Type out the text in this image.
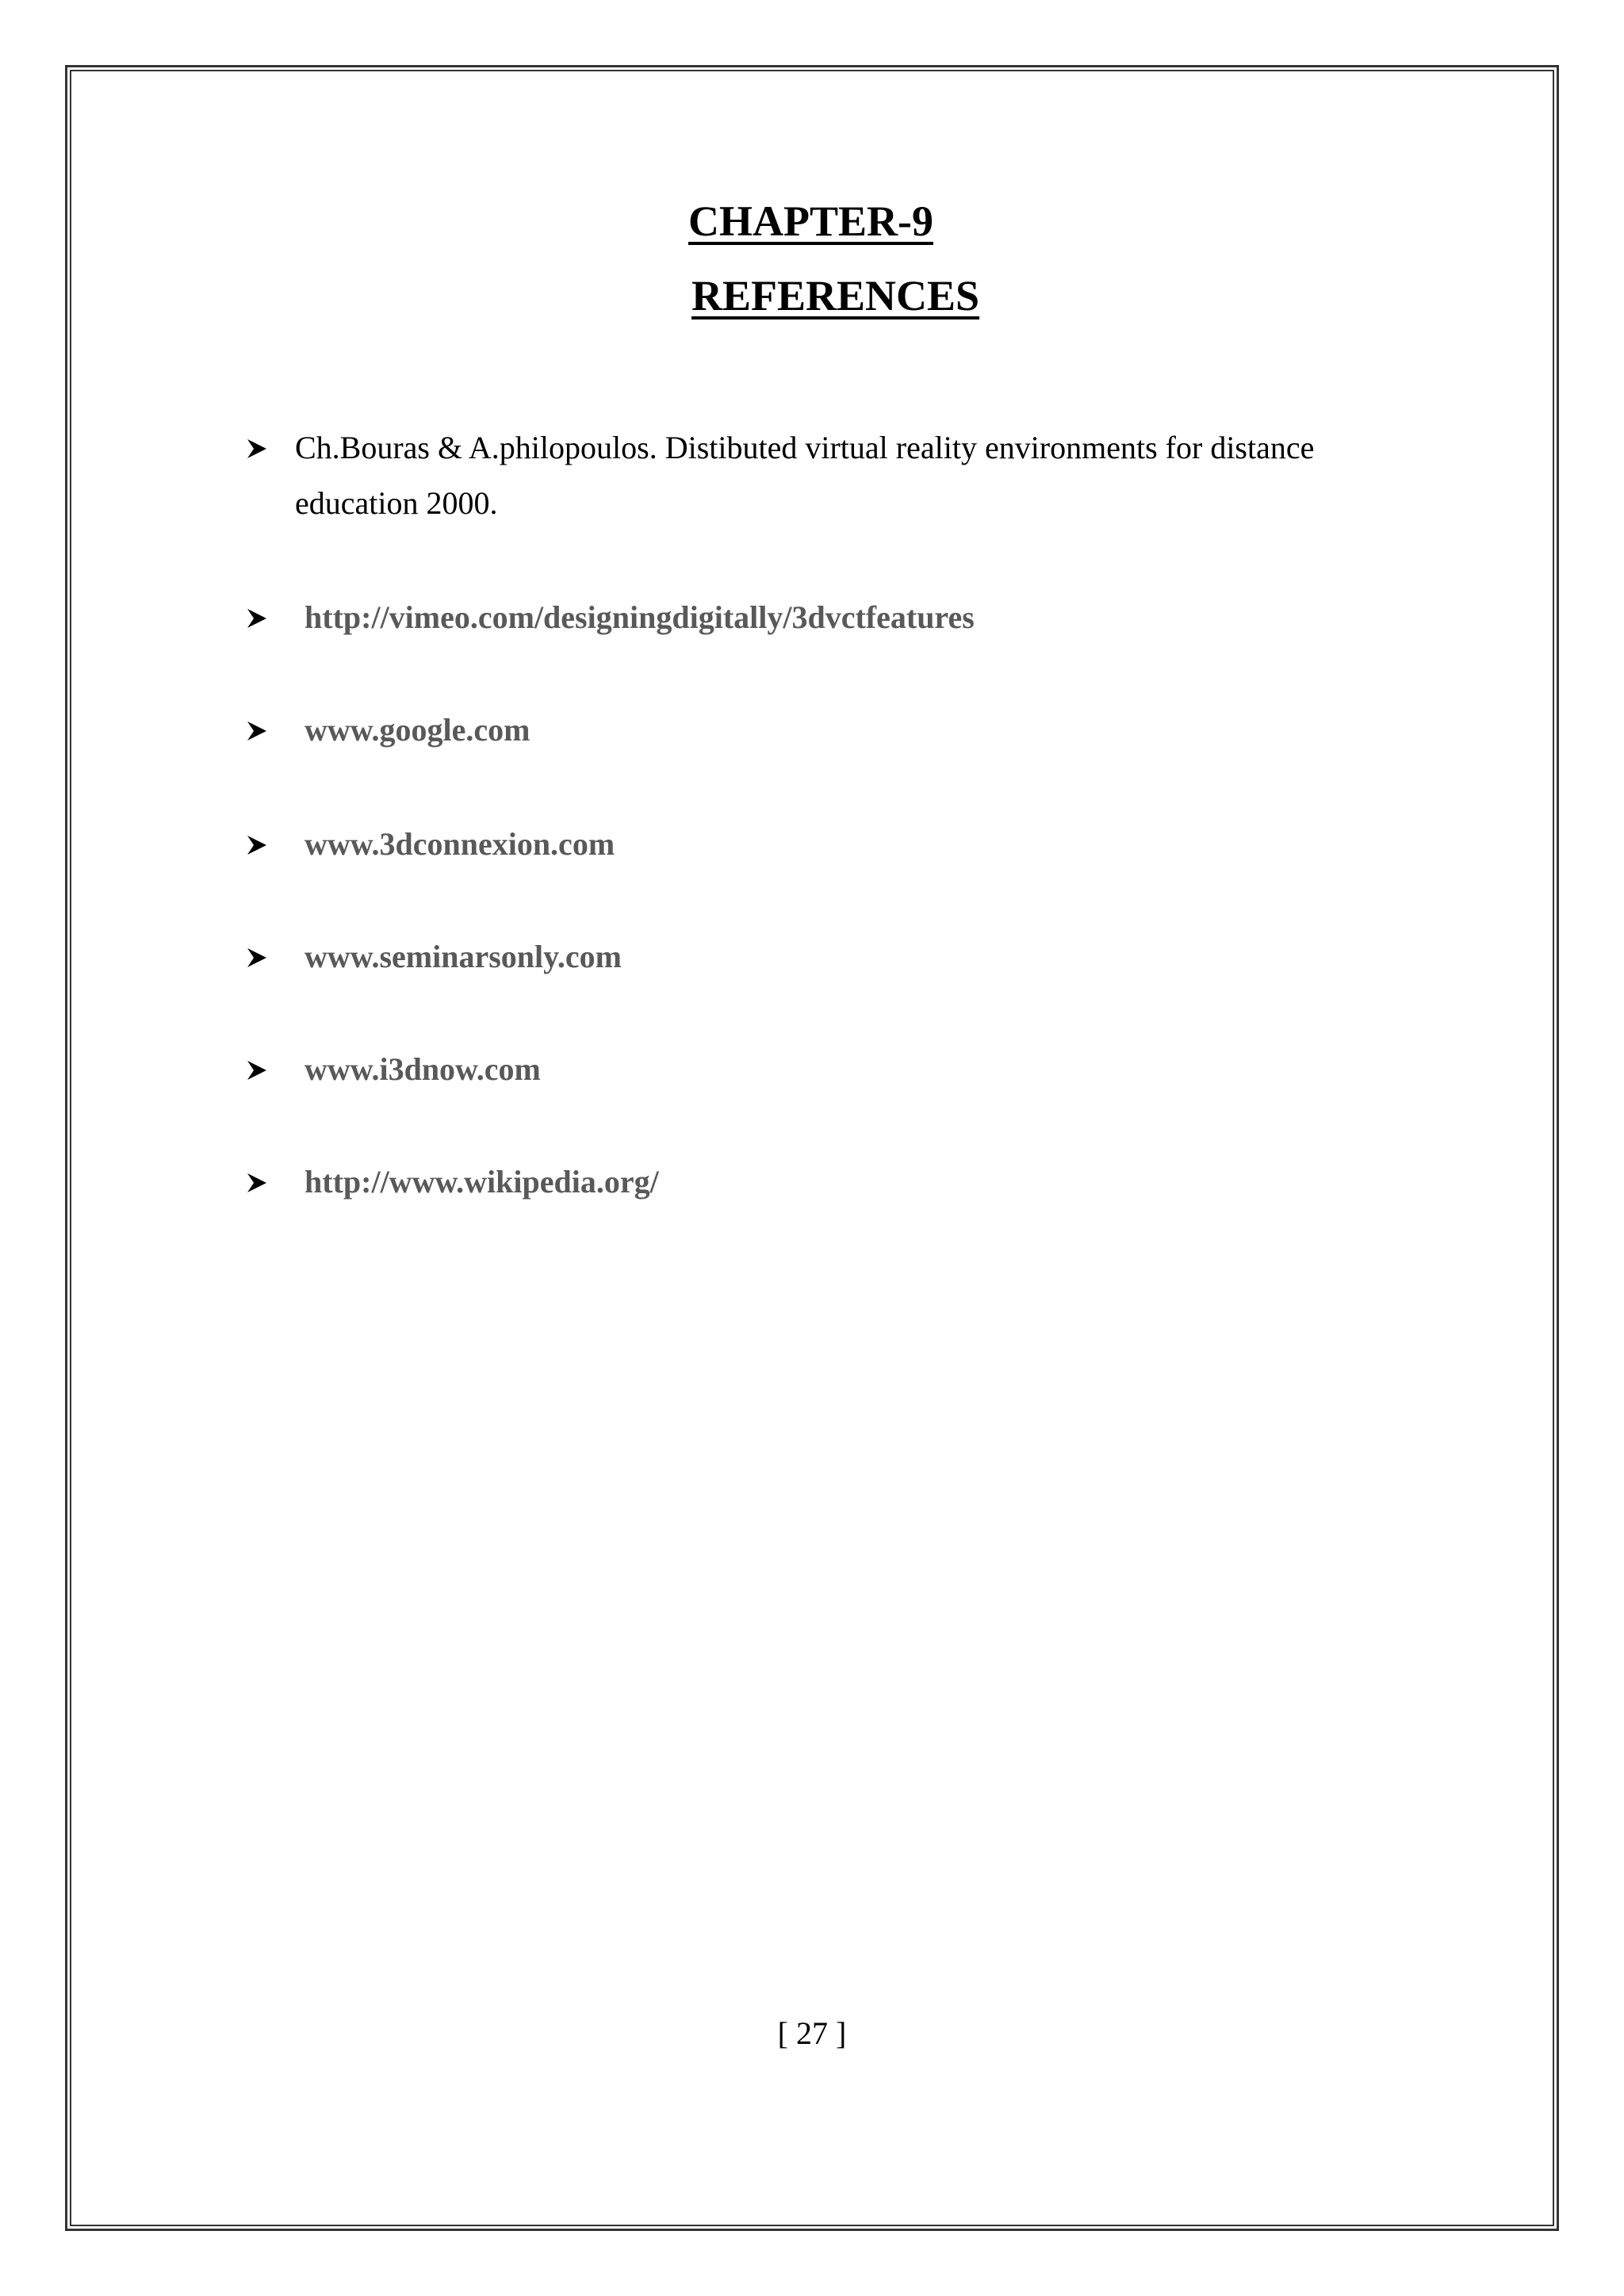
CHAPTER-9
REFERENCES
Ch.Bouras & A.philopoulos. Distibuted virtual reality environments for distance
education 2000.
http://vimeo.com/designingdigitally/3dvctfeatures
www.google.com
www.3dconnexion.com
www.seminarsonly.com
www.i3dnow.com
http://www.wikipedia.org/
[ 27 ]
